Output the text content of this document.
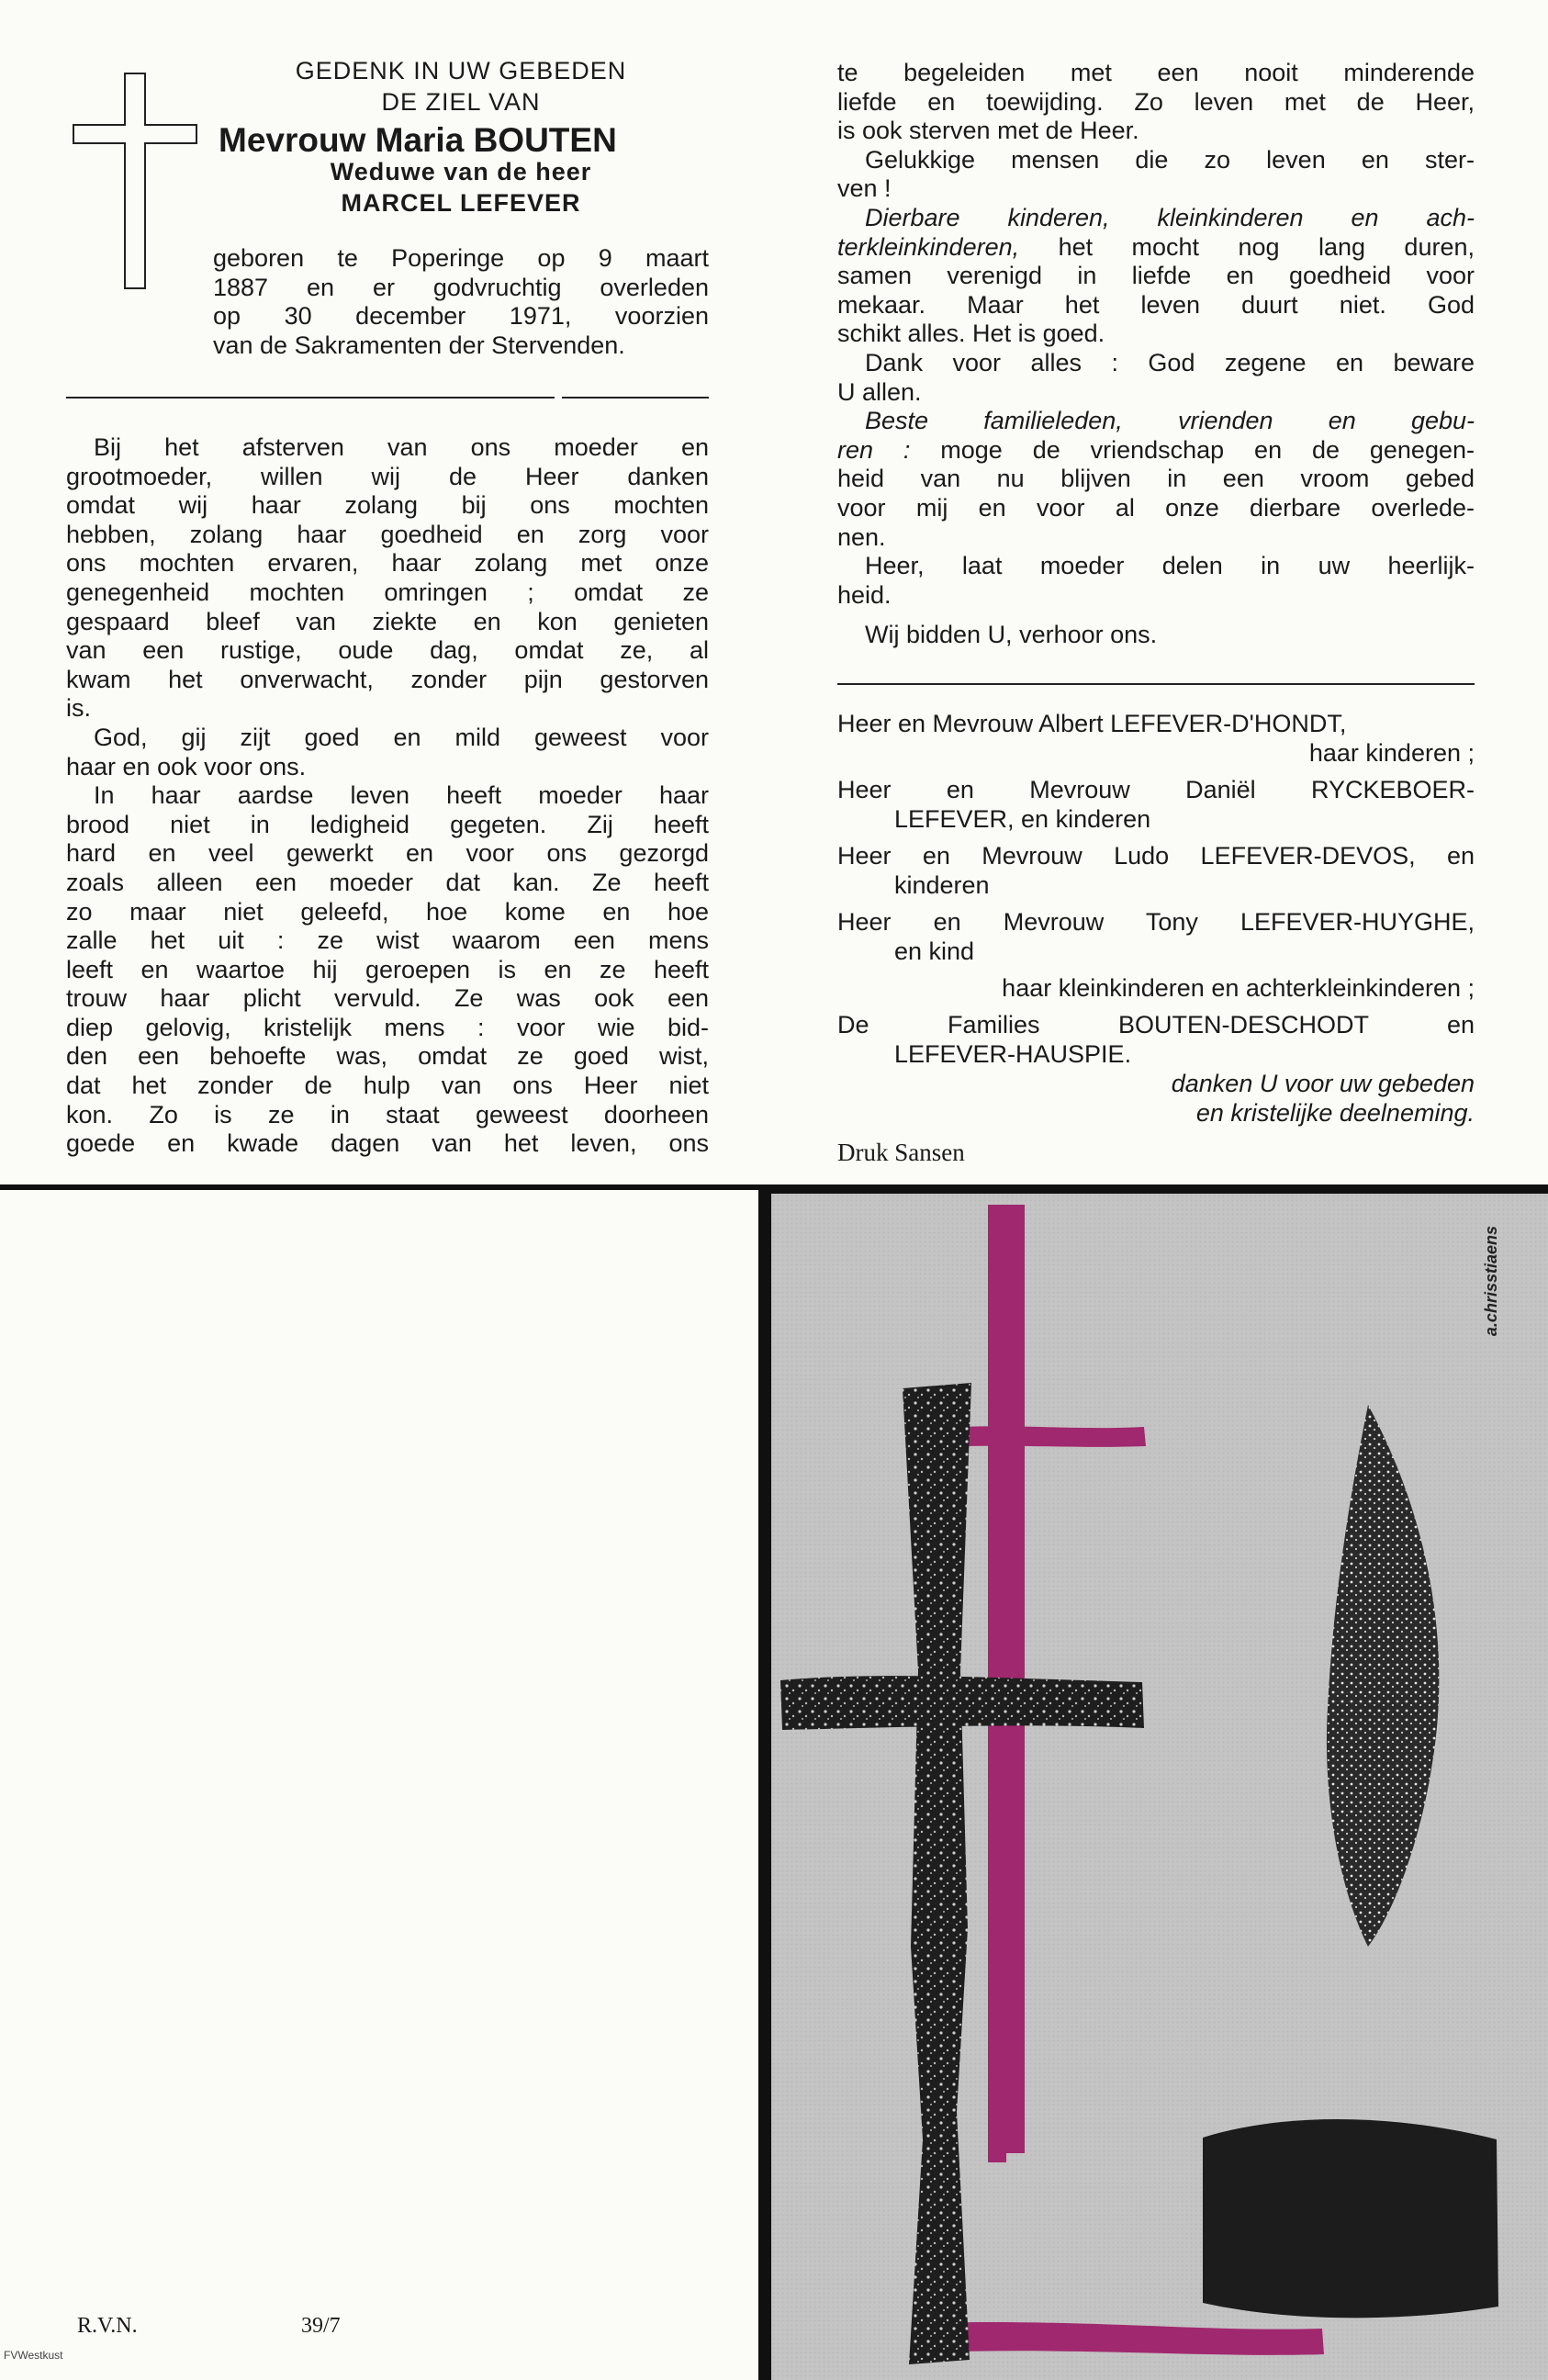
GEDENK IN UW GEBEDEN
DE ZIEL VAN
Mevrouw Maria BOUTEN
Weduwe van de heer
MARCEL LEFEVER
geboren te Poperinge op 9 maart
1887 en er godvruchtig overleden
op 30 december 1971, voorzien
van de Sakramenten der Stervenden.
Bij het afsterven van ons moeder en
grootmoeder, willen wij de Heer danken
omdat wij haar zolang bij ons mochten
hebben, zolang haar goedheid en zorg voor
ons mochten ervaren, haar zolang met onze
genegenheid mochten omringen ; omdat ze
gespaard bleef van ziekte en kon genieten
van een rustige, oude dag, omdat ze, al
kwam het onverwacht, zonder pijn gestorven
is.
God, gij zijt goed en mild geweest voor
haar en ook voor ons.
In haar aardse leven heeft moeder haar
brood niet in ledigheid gegeten. Zij heeft
hard en veel gewerkt en voor ons gezorgd
zoals alleen een moeder dat kan. Ze heeft
zo maar niet geleefd, hoe kome en hoe
zalle het uit : ze wist waarom een mens
leeft en waartoe hij geroepen is en ze heeft
trouw haar plicht vervuld. Ze was ook een
diep gelovig, kristelijk mens : voor wie bid-
den een behoefte was, omdat ze goed wist,
dat het zonder de hulp van ons Heer niet
kon. Zo is ze in staat geweest doorheen
goede en kwade dagen van het leven, ons
te begeleiden met een nooit minderende
liefde en toewijding. Zo leven met de Heer,
is ook sterven met de Heer.
Gelukkige mensen die zo leven en ster-
ven !
Dierbare kinderen, kleinkinderen en ach-
terkleinkinderen, het mocht nog lang duren,
samen verenigd in liefde en goedheid voor
mekaar. Maar het leven duurt niet. God
schikt alles. Het is goed.
Dank voor alles : God zegene en beware
U allen.
Beste familieleden, vrienden en gebu-
ren : moge de vriendschap en de genegen-
heid van nu blijven in een vroom gebed
voor mij en voor al onze dierbare overlede-
nen.
Heer, laat moeder delen in uw heerlijk-
heid.
Wij bidden U, verhoor ons.
Heer en Mevrouw Albert LEFEVER-D'HONDT,
haar kinderen ;
Heer en Mevrouw Daniël RYCKEBOER-
LEFEVER, en kinderen
Heer en Mevrouw Ludo LEFEVER-DEVOS, en
kinderen
Heer en Mevrouw Tony LEFEVER-HUYGHE,
en kind
haar kleinkinderen en achterkleinkinderen ;
De Families BOUTEN-DESCHODT en
LEFEVER-HAUSPIE.
danken U voor uw gebeden
en kristelijke deelneming.
Druk Sansen
R.V.N.	39/7
FVWestkust
a.chrisstiaens
